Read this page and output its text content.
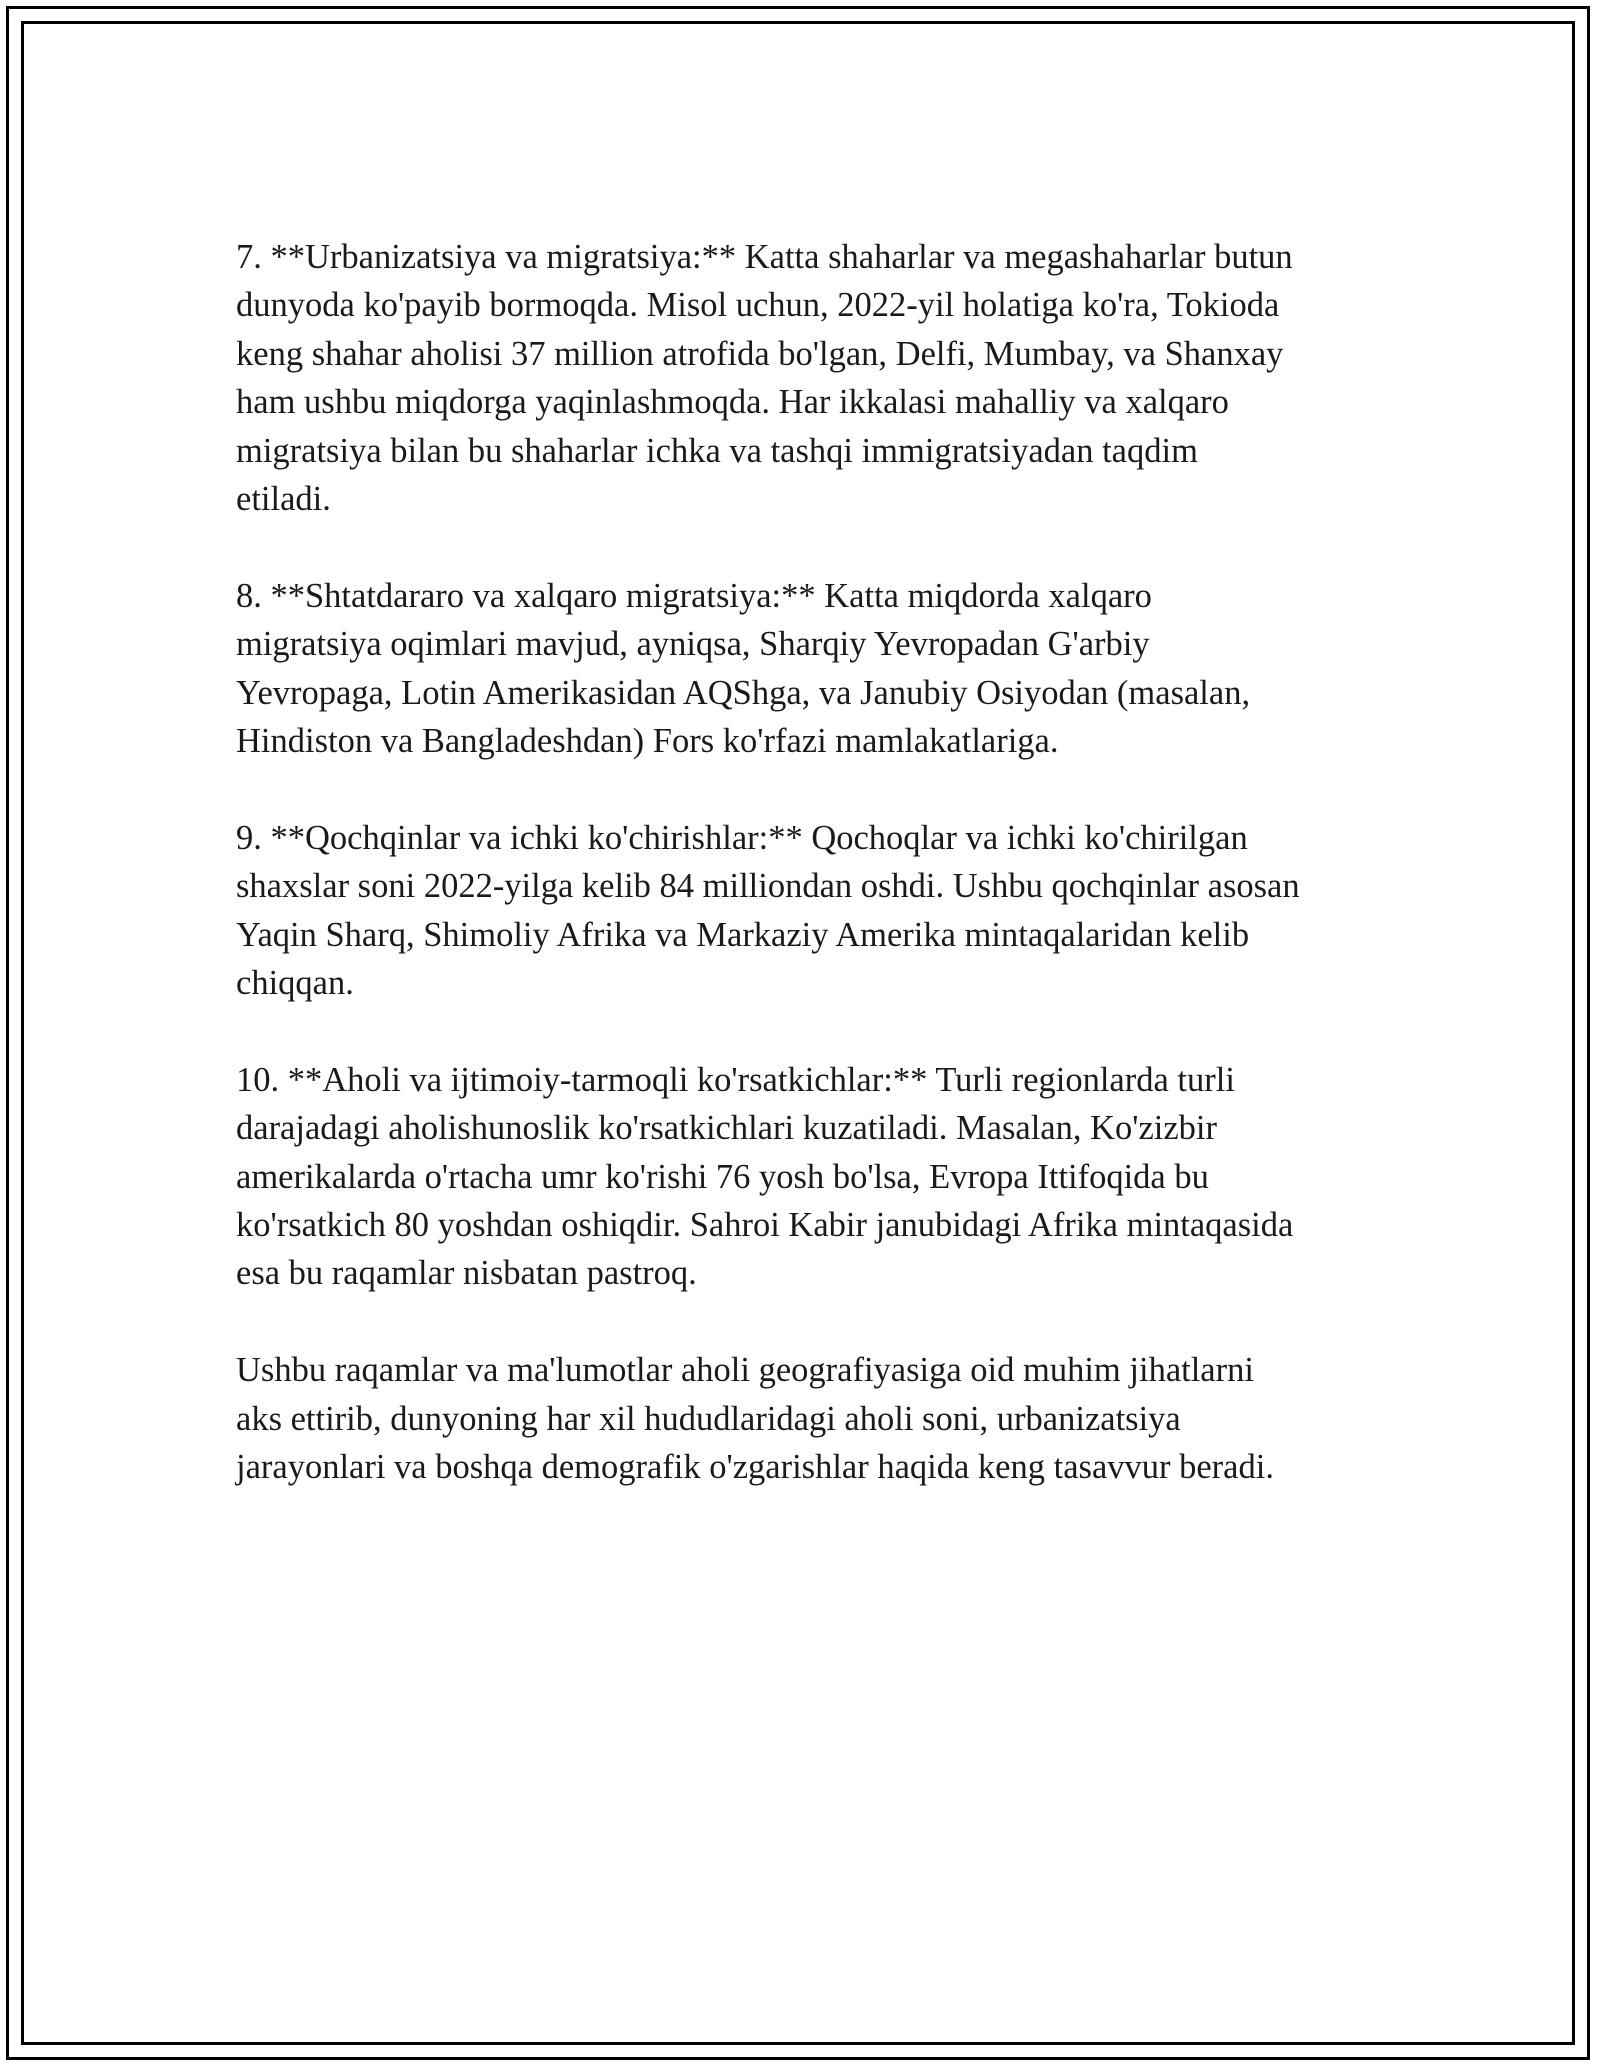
7. **Urbanizatsiya va migratsiya:** Katta shaharlar va megashaharlar butun
dunyoda ko'payib bormoqda. Misol uchun, 2022-yil holatiga ko'ra, Tokioda
keng shahar aholisi 37 million atrofida bo'lgan, Delfi, Mumbay, va Shanxay
ham ushbu miqdorga yaqinlashmoqda. Har ikkalasi mahalliy va xalqaro
migratsiya bilan bu shaharlar ichka va tashqi immigratsiyadan taqdim
etiladi.

8. **Shtatdararo va xalqaro migratsiya:** Katta miqdorda xalqaro
migratsiya oqimlari mavjud, ayniqsa, Sharqiy Yevropadan G'arbiy
Yevropaga, Lotin Amerikasidan AQShga, va Janubiy Osiyodan (masalan,
Hindiston va Bangladeshdan) Fors ko'rfazi mamlakatlariga.

9. **Qochqinlar va ichki ko'chirishlar:** Qochoqlar va ichki ko'chirilgan
shaxslar soni 2022-yilga kelib 84 milliondan oshdi. Ushbu qochqinlar asosan
Yaqin Sharq, Shimoliy Afrika va Markaziy Amerika mintaqalaridan kelib
chiqqan.

10. **Aholi va ijtimoiy-tarmoqli ko'rsatkichlar:** Turli regionlarda turli
darajadagi aholishunoslik ko'rsatkichlari kuzatiladi. Masalan, Ko'zizbir
amerikalarda o'rtacha umr ko'rishi 76 yosh bo'lsa, Evropa Ittifoqida bu
ko'rsatkich 80 yoshdan oshiqdir. Sahroi Kabir janubidagi Afrika mintaqasida
esa bu raqamlar nisbatan pastroq.

Ushbu raqamlar va ma'lumotlar aholi geografiyasiga oid muhim jihatlarni
aks ettirib, dunyoning har xil hududlaridagi aholi soni, urbanizatsiya
jarayonlari va boshqa demografik o'zgarishlar haqida keng tasavvur beradi.
